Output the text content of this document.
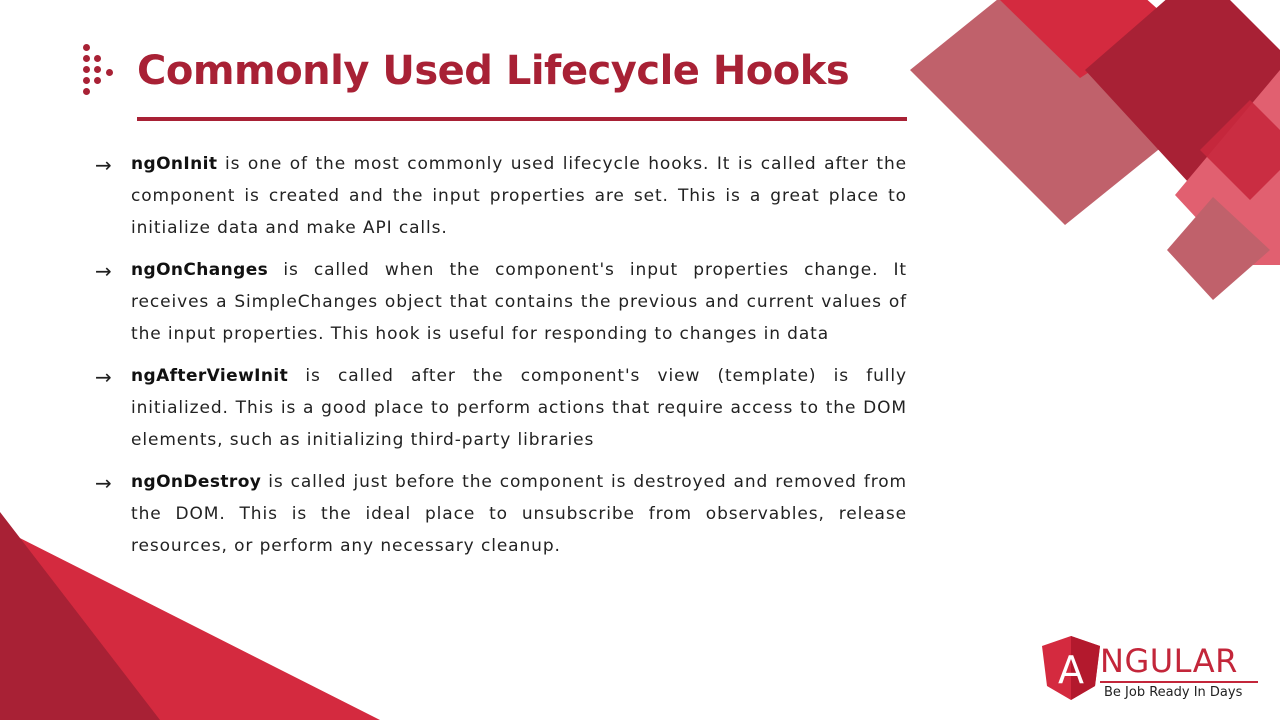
Commonly Used Lifecycle Hooks
→ ngOnInit is one of the most commonly used lifecycle hooks. It is called after the component is created and the input properties are set. This is a great place to initialize data and make API calls.
→ ngOnChanges is called when the component's input properties change. It receives a SimpleChanges object that contains the previous and current values of the input properties. This hook is useful for responding to changes in data
→ ngAfterViewInit is called after the component's view (template) is fully initialized. This is a good place to perform actions that require access to the DOM elements, such as initializing third-party libraries
→ ngOnDestroy is called just before the component is destroyed and removed from the DOM. This is the ideal place to unsubscribe from observables, release resources, or perform any necessary cleanup.
A NGULAR
Be Job Ready In Days
